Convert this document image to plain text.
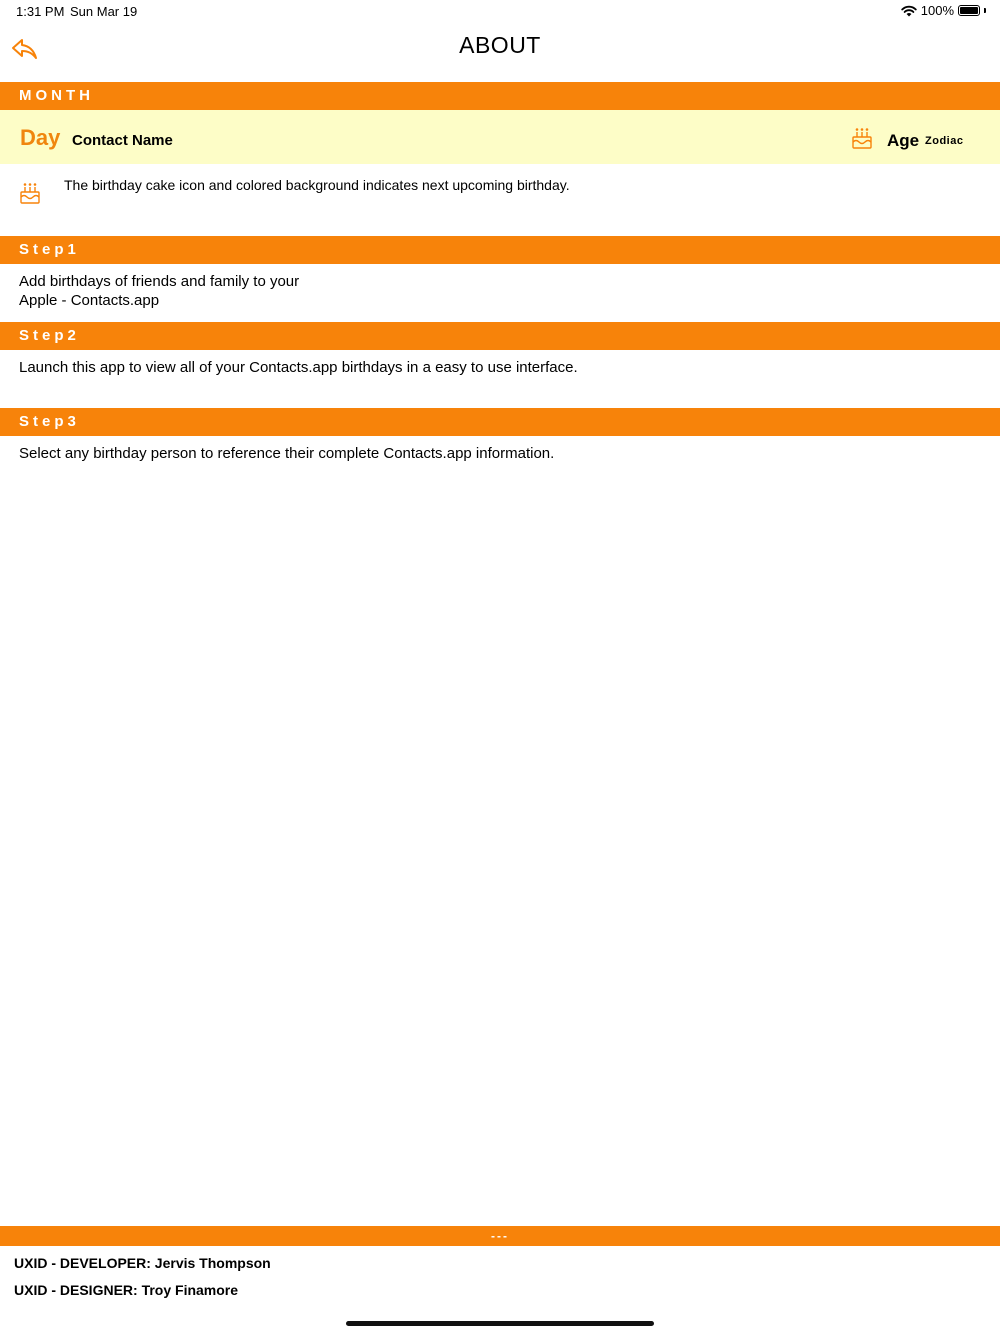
1:31 PM Sun Mar 19	100%
ABOUT
MONTH
Day Contact Name	Age Zodiac
The birthday cake icon and colored background indicates next upcoming birthday.
Step1
Add birthdays of friends and family to your
Apple - Contacts.app
Step2
Launch this app to view all of your Contacts.app birthdays in a easy to use interface.
Step3
Select any birthday person to reference their complete Contacts.app information.
---
UXID - DEVELOPER: Jervis Thompson
UXID - DESIGNER: Troy Finamore
